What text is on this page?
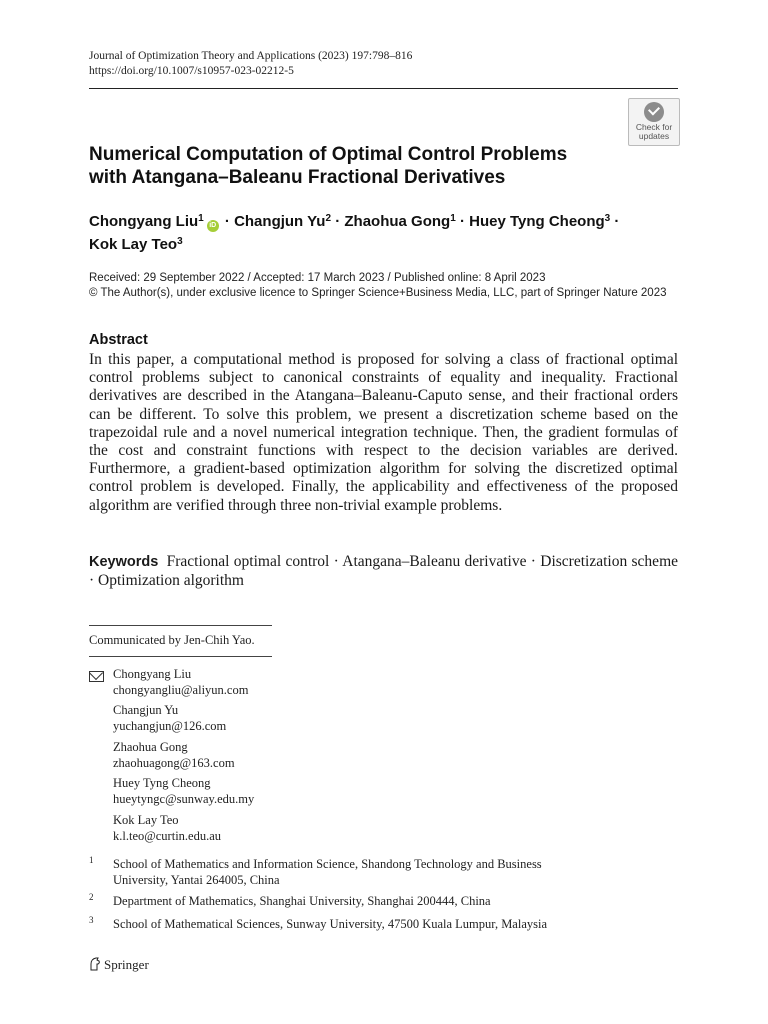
Journal of Optimization Theory and Applications (2023) 197:798–816
https://doi.org/10.1007/s10957-023-02212-5
Check for
updates
Numerical Computation of Optimal Control Problems
with Atangana–Baleanu Fractional Derivatives
Chongyang Liu$^1$iD · Changjun $Yu^2$ · Zhaohua Gong$^1$ · Huey Tyng Cheong$^3$ ·
Kok Lay Teo$^3$
Received: 29 September 2022 / Accepted: 17 March 2023 / Published online: 8 April 2023
© The Author(s), under exclusive licence to Springer Science+Business Media, LLC, part of Springer Nature 2023
Abstract
In this paper, a computational method is proposed for solving a class of fractional optimal control problems subject to canonical constraints of equality and inequality. Fractional derivatives are described in the Atangana–Baleanu-Caputo sense, and their fractional orders can be different. To solve this problem, we present a discretization scheme based on the trapezoidal rule and a novel numerical integration technique. Then, the gradient formulas of the cost and constraint functions with respect to the decision variables are derived. Furthermore, a gradient-based optimization algorithm for solving the discretized optimal control problem is developed. Finally, the applicability and effectiveness of the proposed algorithm are verified through three non-trivial example problems.
Keywords Fractional optimal control · Atangana–Baleanu derivative · Discretization scheme · Optimization algorithm
Communicated by Jen-Chih Yao.
Chongyang Liu
chongyangliu@aliyun.com
Changjun Yu
yuchangjun@126.com
Zhaohua Gong
zhaohuagong@163.com
Huey Tyng Cheong
hueytyngc@sunway.edu.my
Kok Lay Teo
k.l.teo@curtin.edu.au
1 School of Mathematics and Information Science, Shandong Technology and Business
University, Yantai 264005, China
2 Department of Mathematics, Shanghai University, Shanghai 200444, China
3 School of Mathematical Sciences, Sunway University, 47500 Kuala Lumpur, Malaysia
Springer
